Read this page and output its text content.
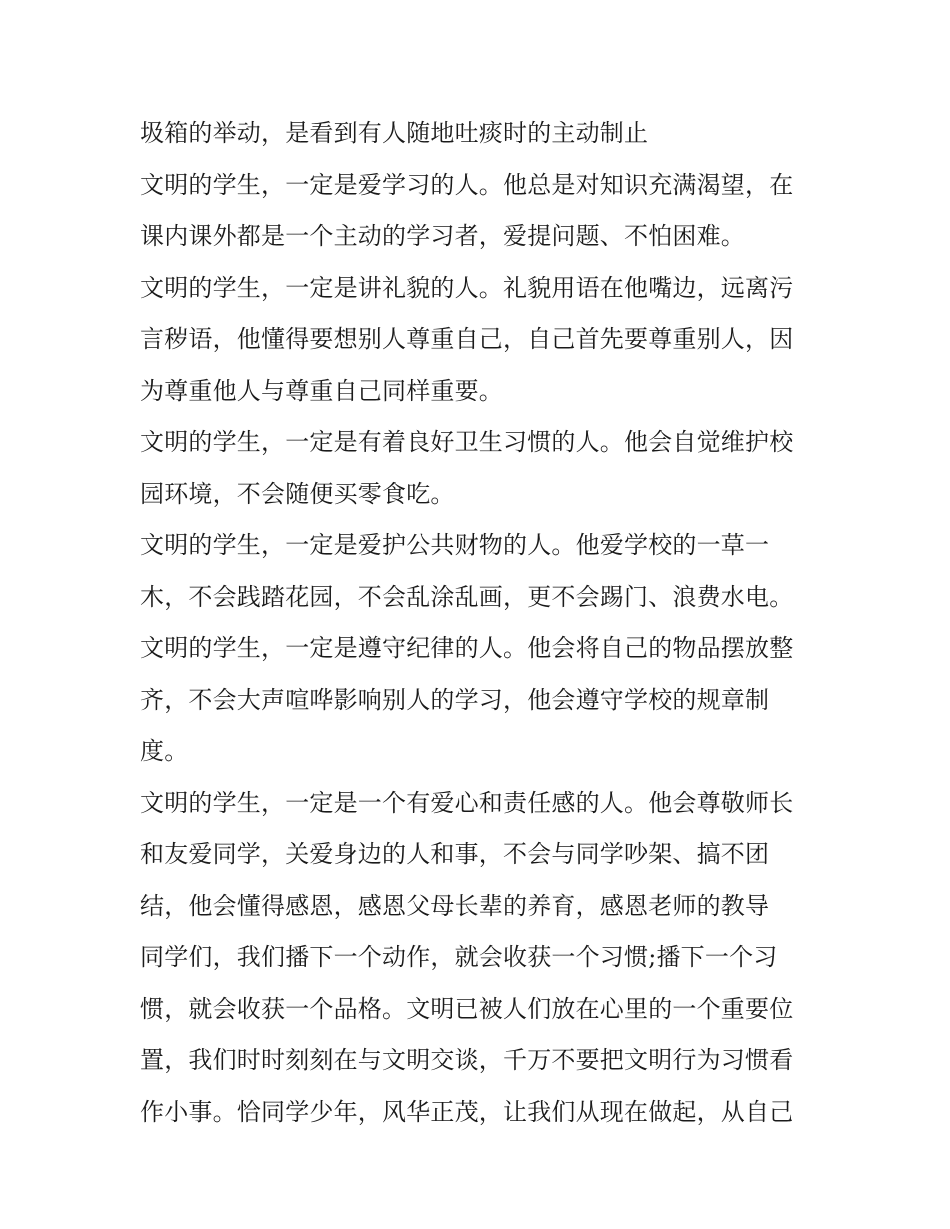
圾箱的举动，是看到有人随地吐痰时的主动制止
文明的学生，一定是爱学习的人。他总是对知识充满渴望，在
课内课外都是一个主动的学习者，爱提问题、不怕困难。
文明的学生，一定是讲礼貌的人。礼貌用语在他嘴边，远离污
言秽语，他懂得要想别人尊重自己，自己首先要尊重别人，因
为尊重他人与尊重自己同样重要。
文明的学生，一定是有着良好卫生习惯的人。他会自觉维护校
园环境，不会随便买零食吃。
文明的学生，一定是爱护公共财物的人。他爱学校的一草一
木，不会践踏花园，不会乱涂乱画，更不会踢门、浪费水电。
文明的学生，一定是遵守纪律的人。他会将自己的物品摆放整
齐，不会大声喧哗影响别人的学习，他会遵守学校的规章制
度。
文明的学生，一定是一个有爱心和责任感的人。他会尊敬师长
和友爱同学，关爱身边的人和事，不会与同学吵架、搞不团
结，他会懂得感恩，感恩父母长辈的养育，感恩老师的教导
同学们，我们播下一个动作，就会收获一个习惯;播下一个习
惯，就会收获一个品格。文明已被人们放在心里的一个重要位
置，我们时时刻刻在与文明交谈，千万不要把文明行为习惯看
作小事。恰同学少年，风华正茂，让我们从现在做起，从自己
